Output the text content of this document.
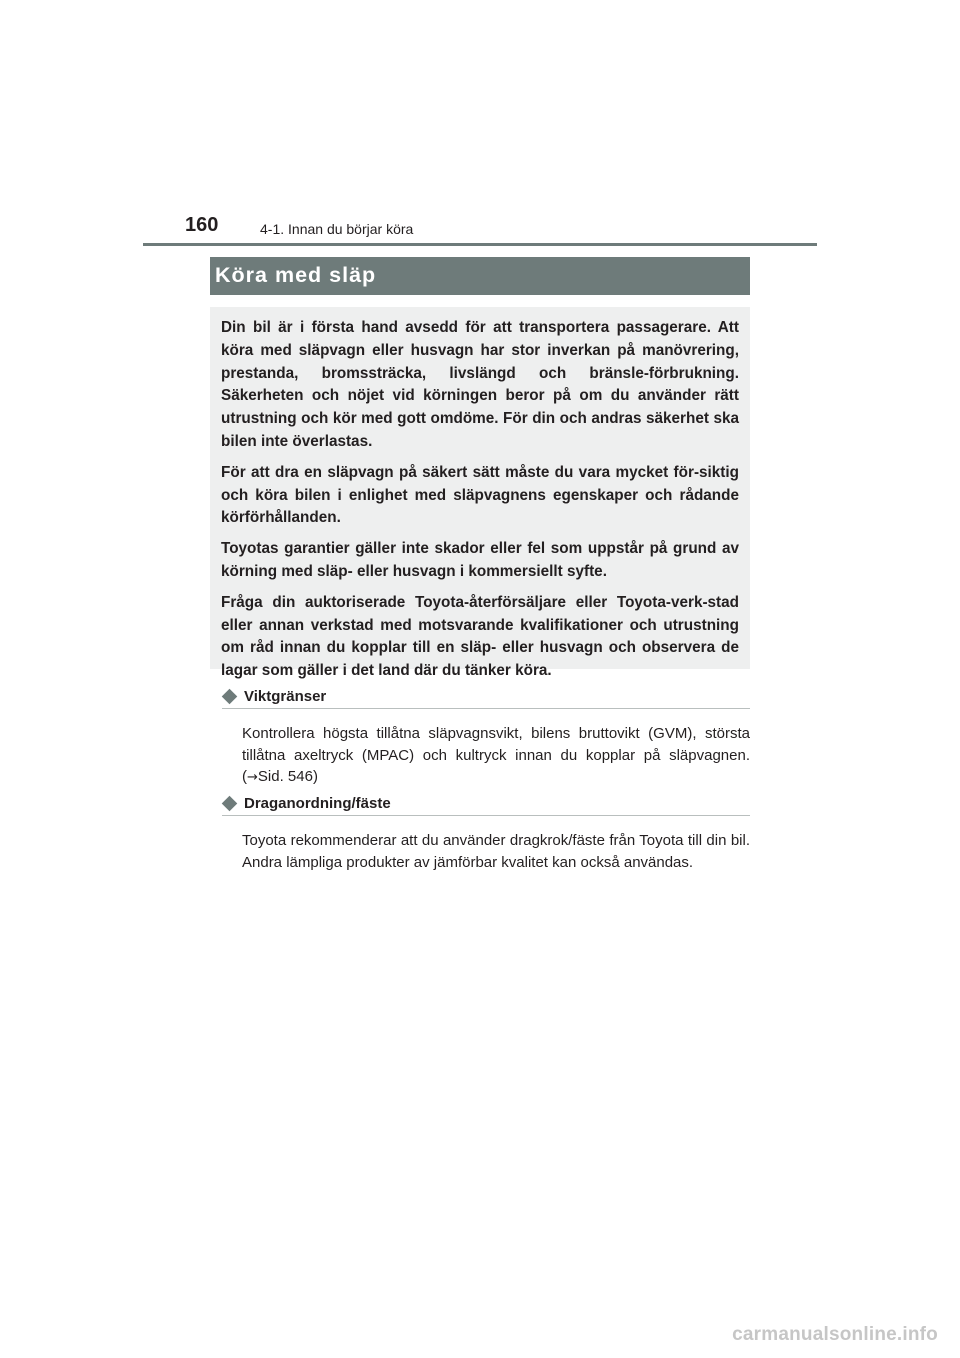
160	4-1. Innan du börjar köra
Köra med släp

Din bil är i första hand avsedd för att transportera passagerare. Att köra med släpvagn eller husvagn har stor inverkan på manövrering, prestanda, bromssträcka, livslängd och bränsle-förbrukning. Säkerheten och nöjet vid körningen beror på om du använder rätt utrustning och kör med gott omdöme. För din och andras säkerhet ska bilen inte överlastas.

För att dra en släpvagn på säkert sätt måste du vara mycket för-siktig och köra bilen i enlighet med släpvagnens egenskaper och rådande körförhållanden.

Toyotas garantier gäller inte skador eller fel som uppstår på grund av körning med släp- eller husvagn i kommersiellt syfte.

Fråga din auktoriserade Toyota-återförsäljare eller Toyota-verk-stad eller annan verkstad med motsvarande kvalifikationer och utrustning om råd innan du kopplar till en släp- eller husvagn och observera de lagar som gäller i det land där du tänker köra.

Viktgränser
Kontrollera högsta tillåtna släpvagnsvikt, bilens bruttovikt (GVM), största tillåtna axeltryck (MPAC) och kultryck innan du kopplar på släpvagnen. (→Sid. 546)
Draganordning/fäste
Toyota rekommenderar att du använder dragkrok/fäste från Toyota till din bil. Andra lämpliga produkter av jämförbar kvalitet kan också användas.
carmanualsonline.info
